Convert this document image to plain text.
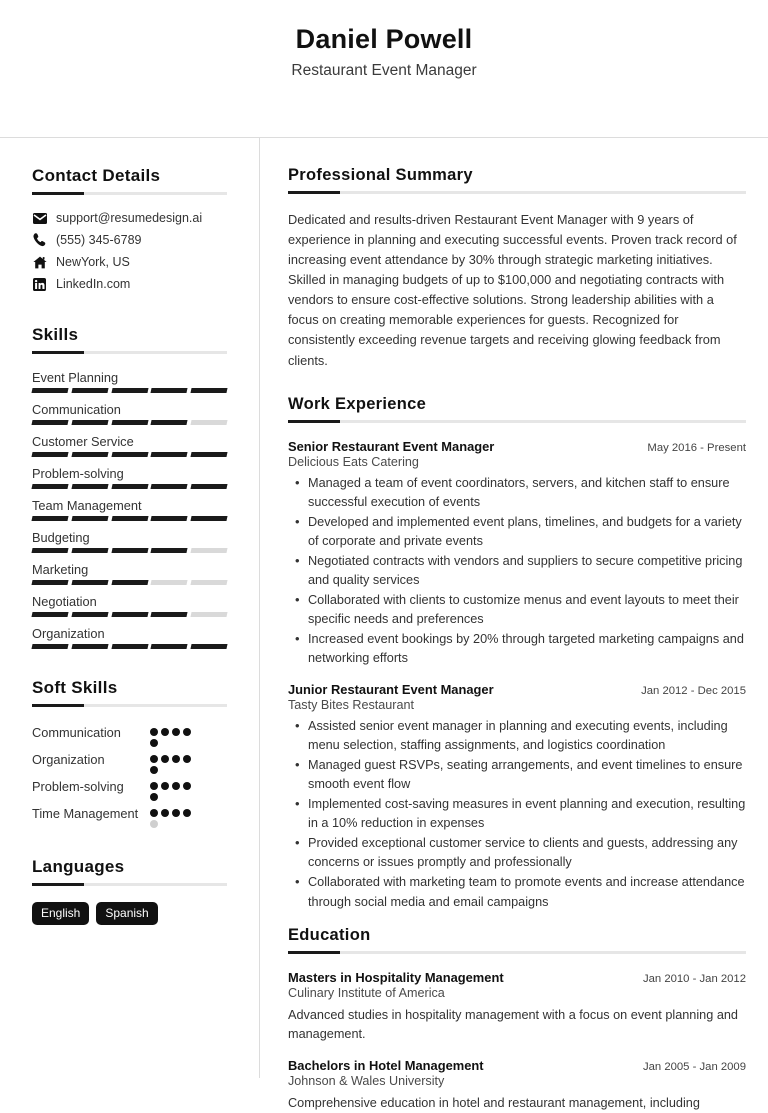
Daniel Powell
Restaurant Event Manager
Contact Details
support@resumedesign.ai
(555) 345-6789
NewYork, US
LinkedIn.com
Skills
Event Planning
Communication
Customer Service
Problem-solving
Team Management
Budgeting
Marketing
Negotiation
Organization
Soft Skills
Communication
Organization
Problem-solving
Time Management
Languages
English	Spanish
Professional Summary
Dedicated and results-driven Restaurant Event Manager with 9 years of experience in planning and executing successful events. Proven track record of increasing event attendance by 30% through strategic marketing initiatives. Skilled in managing budgets of up to $100,000 and negotiating contracts with vendors to ensure cost-effective solutions. Strong leadership abilities with a focus on creating memorable experiences for guests. Recognized for consistently exceeding revenue targets and receiving glowing feedback from clients.
Work Experience
Senior Restaurant Event Manager	May 2016 - Present
Delicious Eats Catering
• Managed a team of event coordinators, servers, and kitchen staff to ensure successful execution of events
• Developed and implemented event plans, timelines, and budgets for a variety of corporate and private events
• Negotiated contracts with vendors and suppliers to secure competitive pricing and quality services
• Collaborated with clients to customize menus and event layouts to meet their specific needs and preferences
• Increased event bookings by 20% through targeted marketing campaigns and networking efforts
Junior Restaurant Event Manager	Jan 2012 - Dec 2015
Tasty Bites Restaurant
• Assisted senior event manager in planning and executing events, including menu selection, staffing assignments, and logistics coordination
• Managed guest RSVPs, seating arrangements, and event timelines to ensure smooth event flow
• Implemented cost-saving measures in event planning and execution, resulting in a 10% reduction in expenses
• Provided exceptional customer service to clients and guests, addressing any concerns or issues promptly and professionally
• Collaborated with marketing team to promote events and increase attendance through social media and email campaigns
Education
Masters in Hospitality Management	Jan 2010 - Jan 2012
Culinary Institute of America
Advanced studies in hospitality management with a focus on event planning and management.
Bachelors in Hotel Management	Jan 2005 - Jan 2009
Johnson & Wales University
Comprehensive education in hotel and restaurant management, including
